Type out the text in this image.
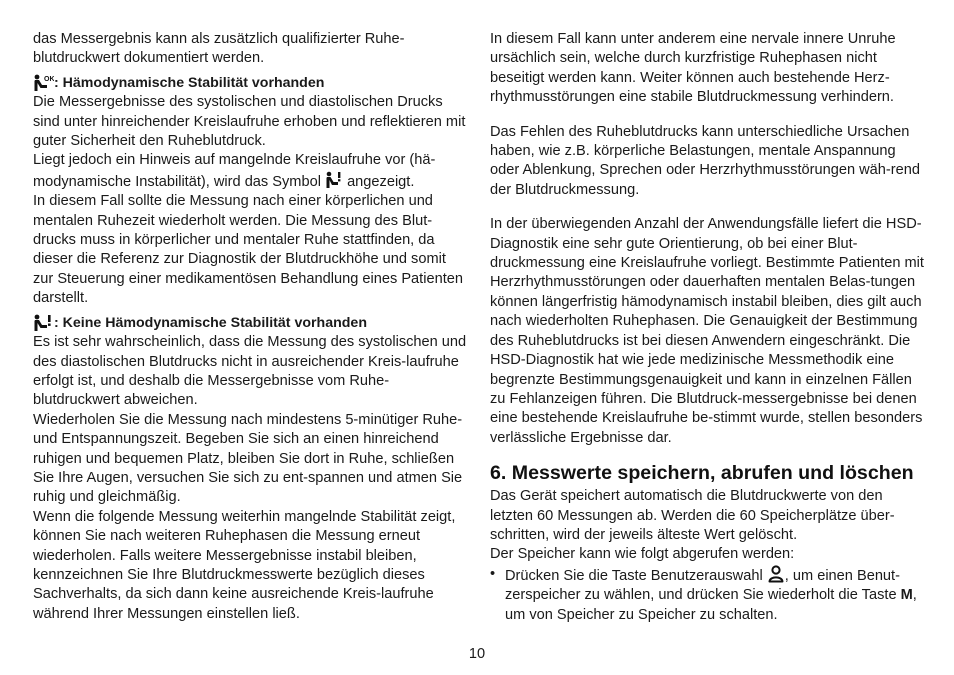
das Messergebnis kann als zusätzlich qualifizierter Ruhe-
blutdruckwert dokumentiert werden.

OK : Hämodynamische Stabilität vorhanden

Die Messergebnisse des systolischen und diastolischen Drucks sind unter hinreichender Kreislaufruhe erhoben und reflektieren mit guter Sicherheit den Ruheblutdruck.

Liegt jedoch ein Hinweis auf mangelnde Kreislaufruhe vor (hä-modynamische Instabilität), wird das Symbol angezeigt.

In diesem Fall sollte die Messung nach einer körperlichen und mentalen Ruhezeit wiederholt werden. Die Messung des Blut-drucks muss in körperlicher und mentaler Ruhe stattfinden, da dieser die Referenz zur Diagnostik der Blutdruckhöhe und somit zur Steuerung einer medikamentösen Behandlung eines Patienten darstellt.

: Keine Hämodynamische Stabilität vorhanden

Es ist sehr wahrscheinlich, dass die Messung des systolischen und des diastolischen Blutdrucks nicht in ausreichender Kreis-laufruhe erfolgt ist, und deshalb die Messergebnisse vom Ruhe-blutdruckwert abweichen.

Wiederholen Sie die Messung nach mindestens 5-minütiger Ruhe- und Entspannungszeit. Begeben Sie sich an einen hinreichend ruhigen und bequemen Platz, bleiben Sie dort in Ruhe, schließen Sie Ihre Augen, versuchen Sie sich zu ent-spannen und atmen Sie ruhig und gleichmäßig.

Wenn die folgende Messung weiterhin mangelnde Stabilität zeigt, können Sie nach weiteren Ruhephasen die Messung erneut wiederholen. Falls weitere Messergebnisse instabil bleiben, kennzeichnen Sie Ihre Blutdruckmesswerte bezüglich dieses Sachverhalts, da sich dann keine ausreichende Kreis-laufruhe während Ihrer Messungen einstellen ließ.

In diesem Fall kann unter anderem eine nervale innere Unruhe ursächlich sein, welche durch kurzfristige Ruhephasen nicht beseitigt werden kann. Weiter können auch bestehende Herz-rhythmusstörungen eine stabile Blutdruckmessung verhindern.

Das Fehlen des Ruheblutdrucks kann unterschiedliche Ursachen haben, wie z.B. körperliche Belastungen, mentale Anspannung oder Ablenkung, Sprechen oder Herzrhythmusstörungen wäh-rend der Blutdruckmessung.

In der überwiegenden Anzahl der Anwendungsfälle liefert die HSD-Diagnostik eine sehr gute Orientierung, ob bei einer Blut-druckmessung eine Kreislaufruhe vorliegt. Bestimmte Patienten mit Herzrhythmusstörungen oder dauerhaften mentalen Belas-tungen können längerfristig hämodynamisch instabil bleiben, dies gilt auch nach wiederholten Ruhephasen. Die Genauigkeit der Bestimmung des Ruheblutdrucks ist bei diesen Anwendern eingeschränkt. Die HSD-Diagnostik hat wie jede medizinische Messmethodik eine begrenzte Bestimmungsgenauigkeit und kann in einzelnen Fällen zu Fehlanzeigen führen. Die Blutdruck-messergebnisse bei denen eine bestehende Kreislaufruhe be-stimmt wurde, stellen besonders verlässliche Ergebnisse dar.

6. Messwerte speichern, abrufen und löschen

Das Gerät speichert automatisch die Blutdruckwerte von den letzten 60 Messungen ab. Werden die 60 Speicherplätze über-schritten, wird der jeweils älteste Wert gelöscht.

Der Speicher kann wie folgt abgerufen werden:

• Drücken Sie die Taste Benutzerauswahl , um einen Benut-zerspeicher zu wählen, und drücken Sie wiederholt die Taste M, um von Speicher zu Speicher zu schalten.
10
